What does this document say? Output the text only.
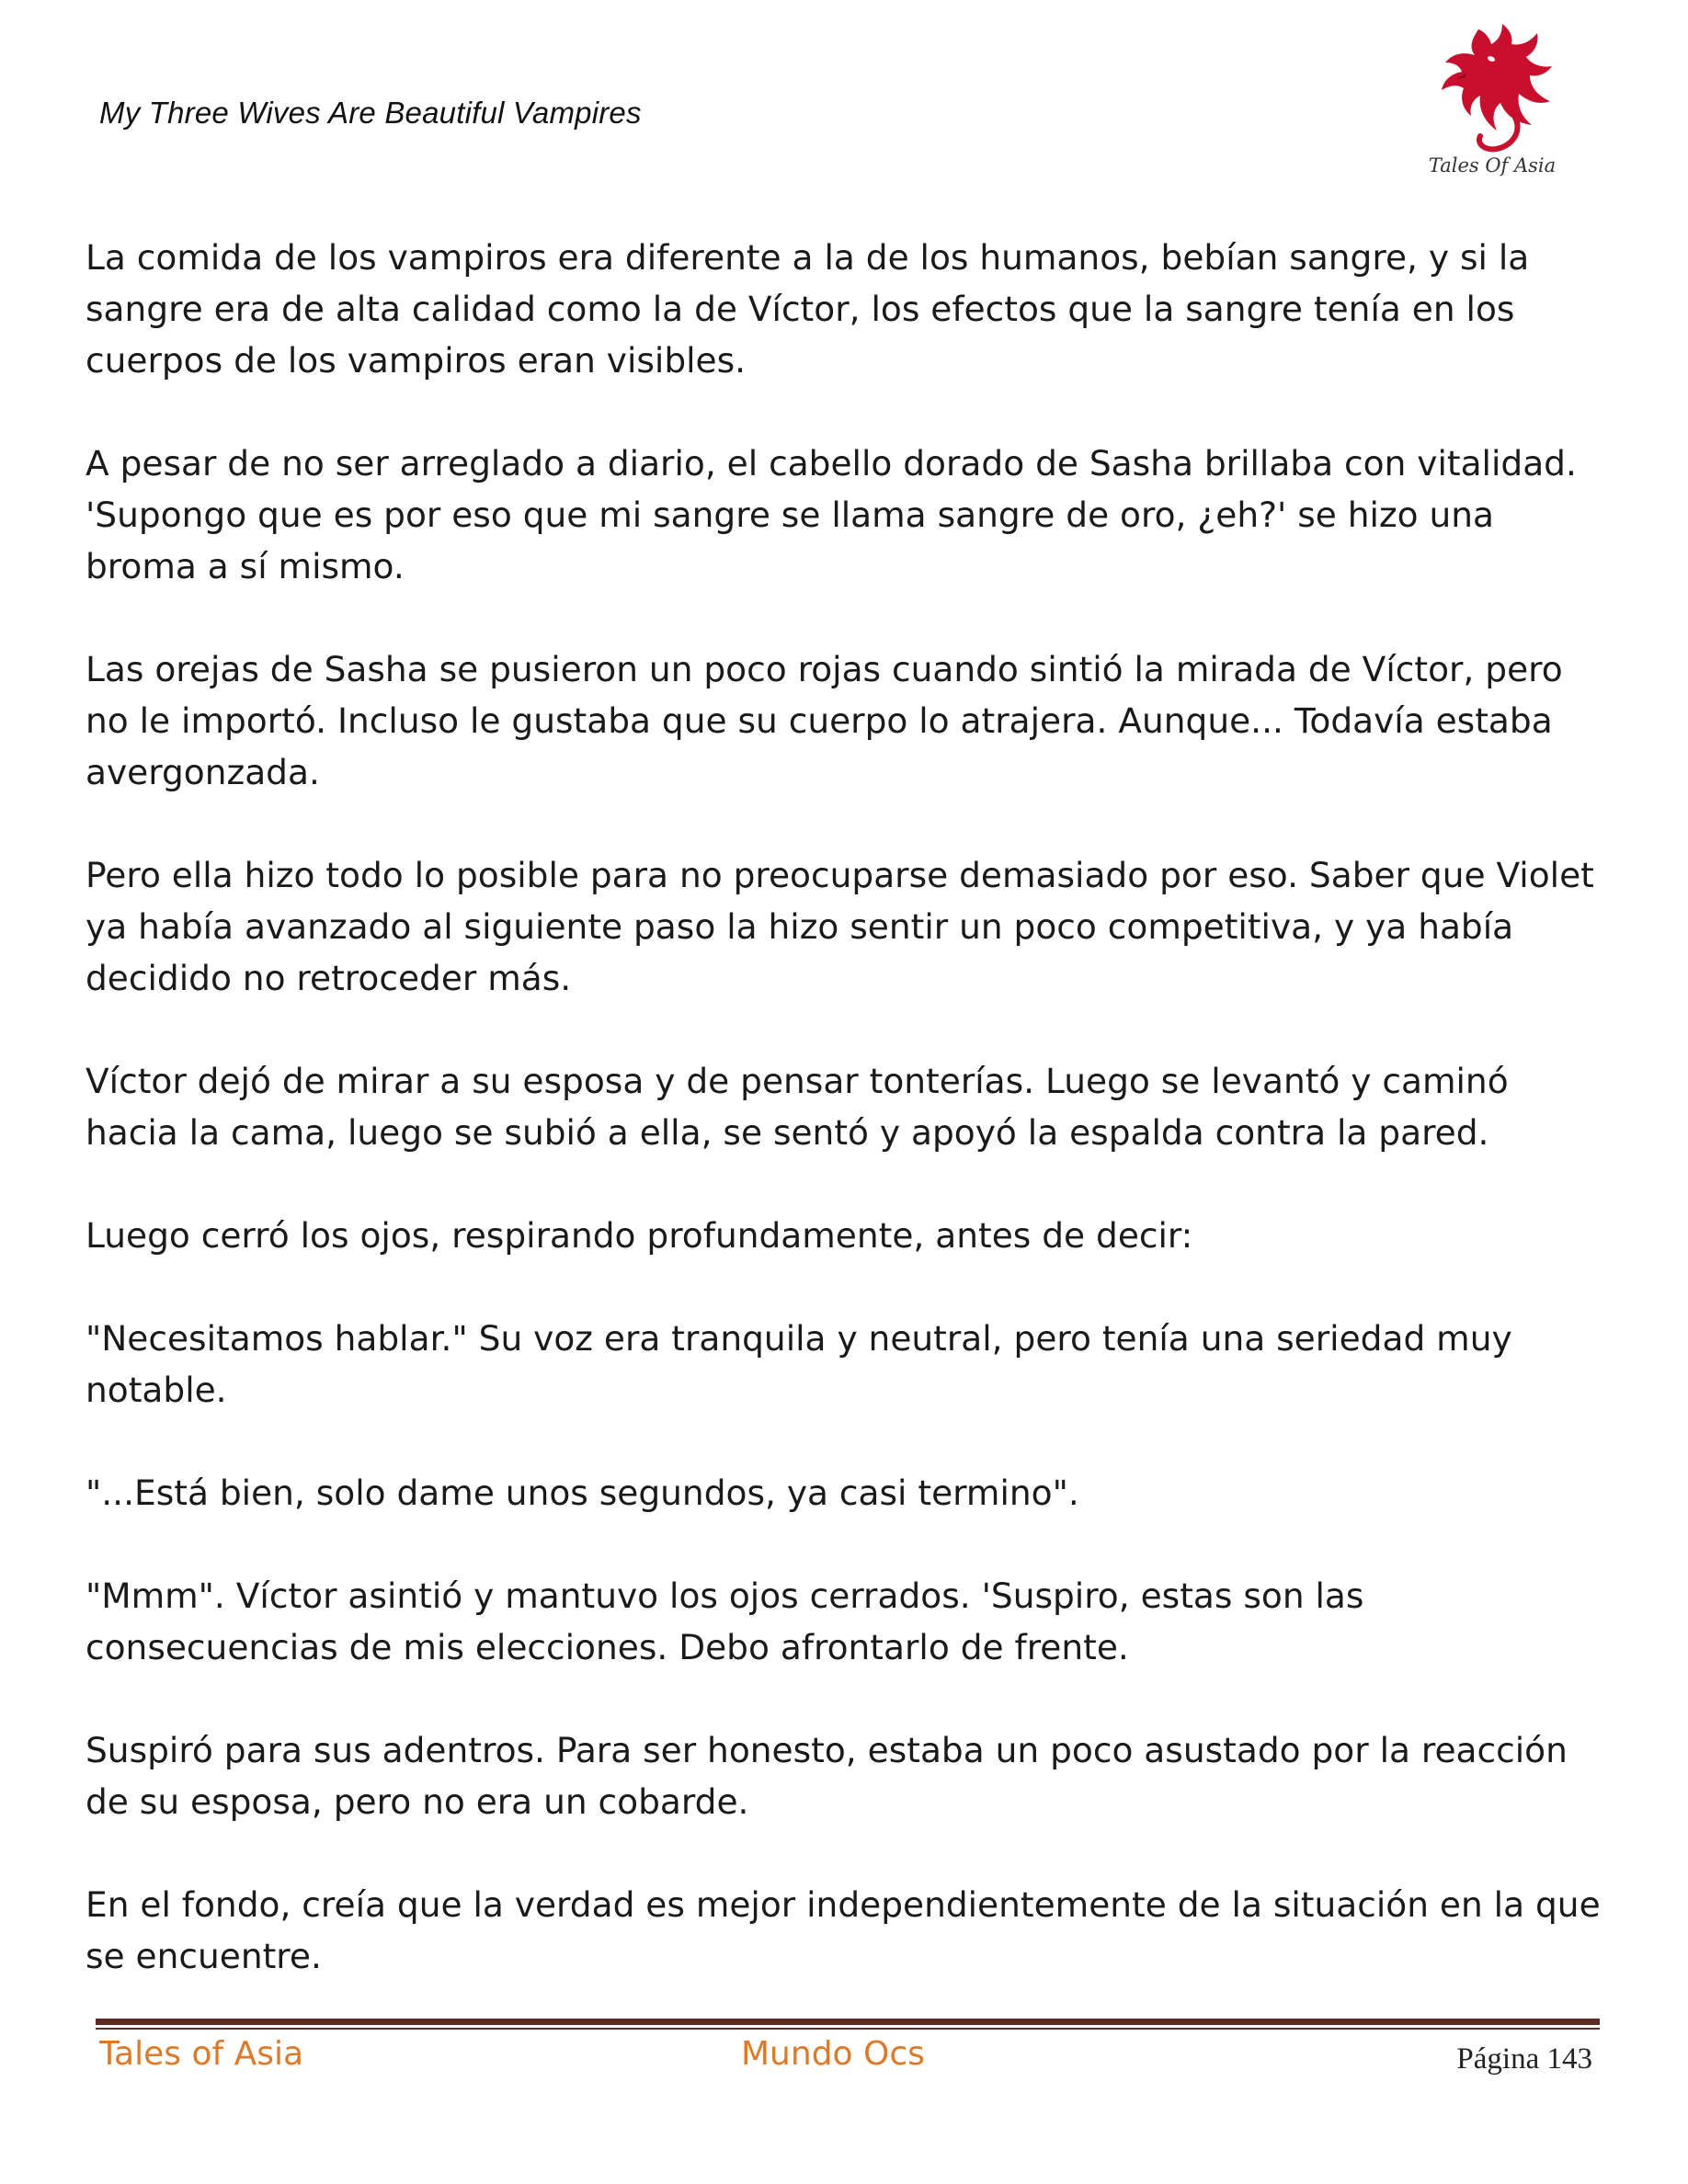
My Three Wives Are Beautiful Vampires
Tales Of Asia

La comida de los vampiros era diferente a la de los humanos, bebían sangre, y si la sangre era de alta calidad como la de Víctor, los efectos que la sangre tenía en los cuerpos de los vampiros eran visibles.

A pesar de no ser arreglado a diario, el cabello dorado de Sasha brillaba con vitalidad. 'Supongo que es por eso que mi sangre se llama sangre de oro, ¿eh?' se hizo una broma a sí mismo.

Las orejas de Sasha se pusieron un poco rojas cuando sintió la mirada de Víctor, pero no le importó. Incluso le gustaba que su cuerpo lo atrajera. Aunque... Todavía estaba avergonzada.

Pero ella hizo todo lo posible para no preocuparse demasiado por eso. Saber que Violet ya había avanzado al siguiente paso la hizo sentir un poco competitiva, y ya había decidido no retroceder más.

Víctor dejó de mirar a su esposa y de pensar tonterías. Luego se levantó y caminó hacia la cama, luego se subió a ella, se sentó y apoyó la espalda contra la pared.

Luego cerró los ojos, respirando profundamente, antes de decir:

"Necesitamos hablar." Su voz era tranquila y neutral, pero tenía una seriedad muy notable.

"...Está bien, solo dame unos segundos, ya casi termino".

"Mmm". Víctor asintió y mantuvo los ojos cerrados. 'Suspiro, estas son las consecuencias de mis elecciones. Debo afrontarlo de frente.

Suspiró para sus adentros. Para ser honesto, estaba un poco asustado por la reacción de su esposa, pero no era un cobarde.

En el fondo, creía que la verdad es mejor independientemente de la situación en la que se encuentre.

Tales of Asia	Mundo Ocs	Página 143
